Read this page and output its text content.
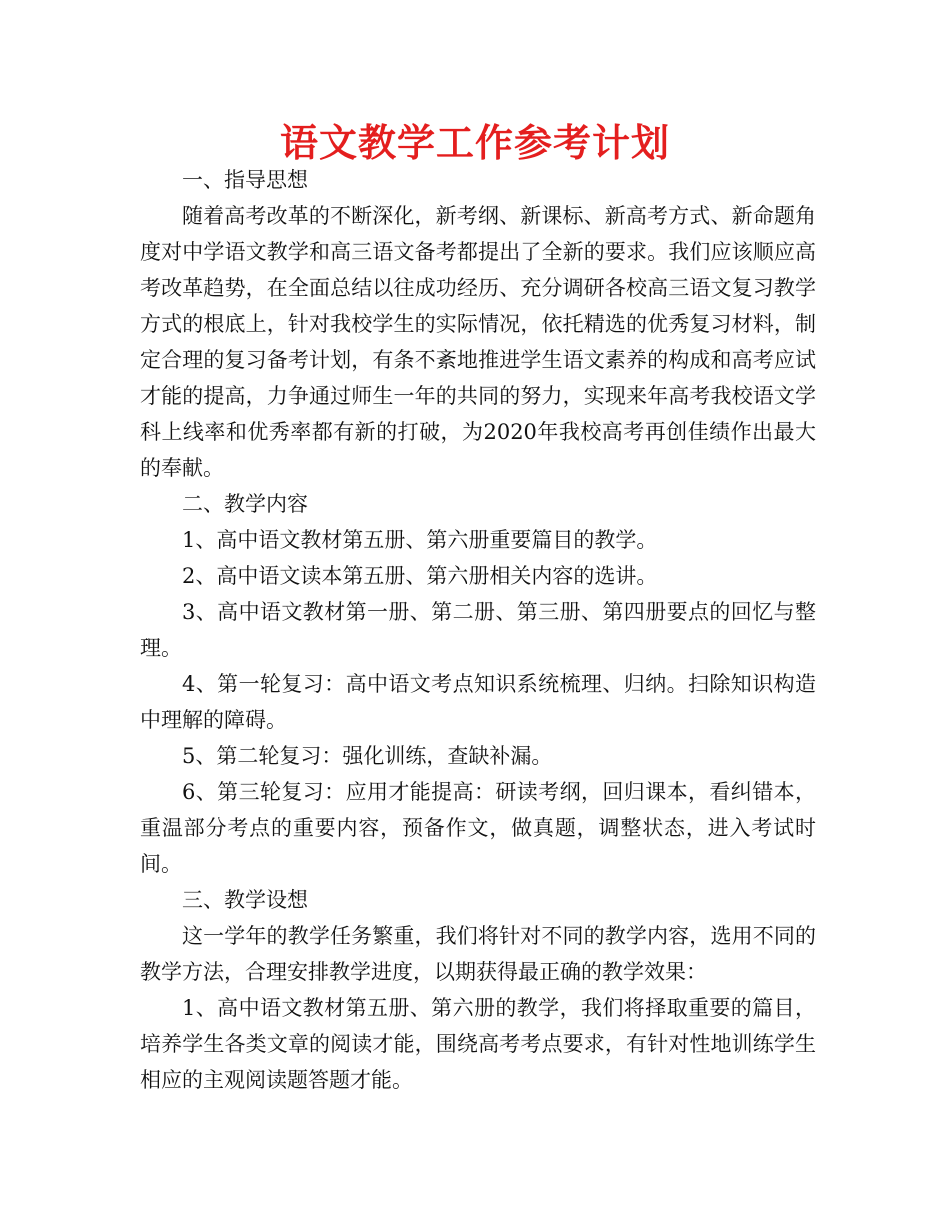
语文教学工作参考计划

一、指导思想

随着高考改革的不断深化，新考纲、新课标、新高考方式、新命题角度对中学语文教学和高三语文备考都提出了全新的要求。我们应该顺应高考改革趋势，在全面总结以往成功经历、充分调研各校高三语文复习教学方式的根底上，针对我校学生的实际情况，依托精选的优秀复习材料，制定合理的复习备考计划，有条不紊地推进学生语文素养的构成和高考应试才能的提高，力争通过师生一年的共同的努力，实现来年高考我校语文学科上线率和优秀率都有新的打破，为2020年我校高考再创佳绩作出最大的奉献。

二、教学内容

1、高中语文教材第五册、第六册重要篇目的教学。

2、高中语文读本第五册、第六册相关内容的选讲。

3、高中语文教材第一册、第二册、第三册、第四册要点的回忆与整理。

4、第一轮复习：高中语文考点知识系统梳理、归纳。扫除知识构造中理解的障碍。

5、第二轮复习：强化训练，查缺补漏。

6、第三轮复习：应用才能提高：研读考纲，回归课本，看纠错本，重温部分考点的重要内容，预备作文，做真题，调整状态，进入考试时间。

三、教学设想

这一学年的教学任务繁重，我们将针对不同的教学内容，选用不同的教学方法，合理安排教学进度，以期获得最正确的教学效果：

1、高中语文教材第五册、第六册的教学，我们将择取重要的篇目，培养学生各类文章的阅读才能，围绕高考考点要求，有针对性地训练学生相应的主观阅读题答题才能。
